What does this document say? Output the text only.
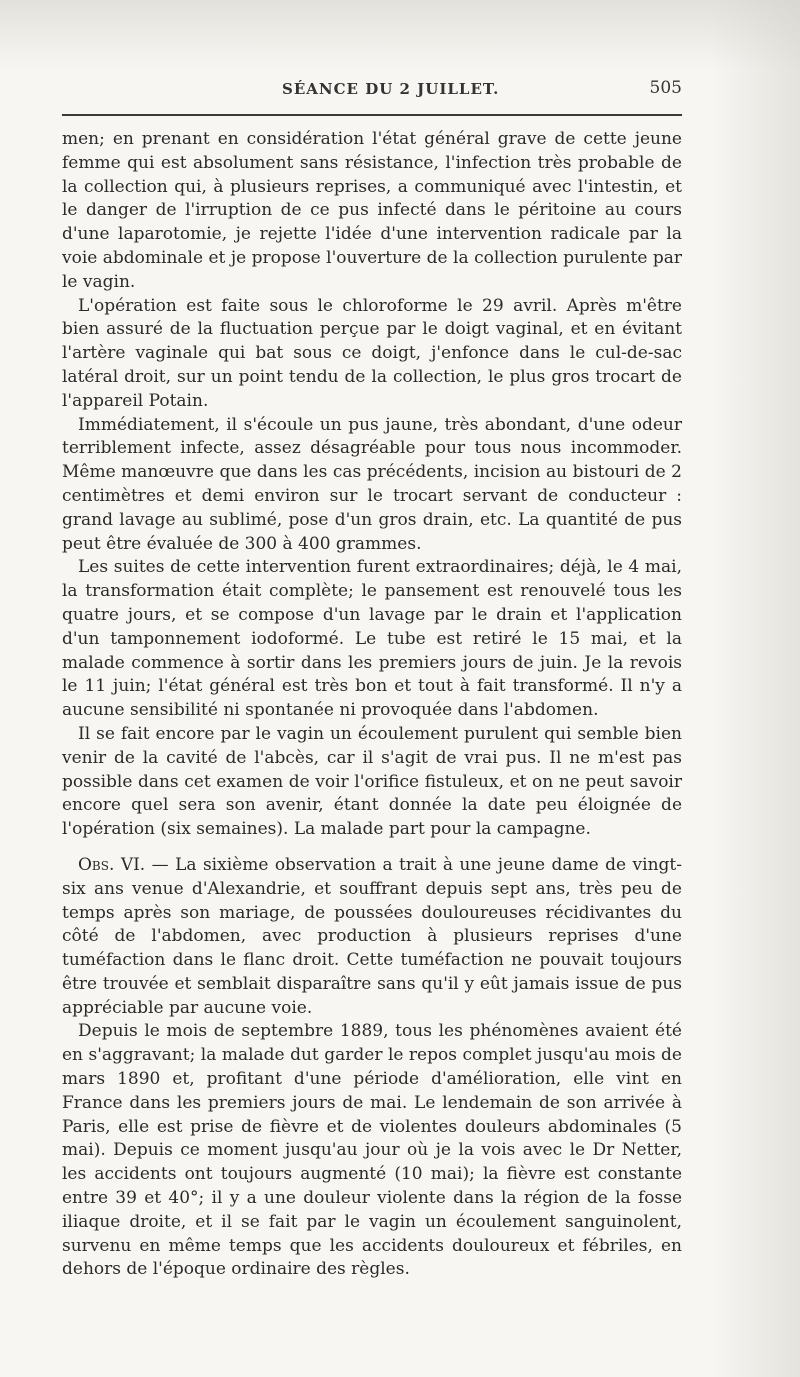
SÉANCE DU 2 JUILLET.	505

men; en prenant en considération l'état général grave de cette jeune femme qui est absolument sans résistance, l'infection très probable de la collection qui, à plusieurs reprises, a communiqué avec l'intestin, et le danger de l'irruption de ce pus infecté dans le péritoine au cours d'une laparotomie, je rejette l'idée d'une intervention radicale par la voie abdominale et je propose l'ouverture de la collection purulente par le vagin.

L'opération est faite sous le chloroforme le 29 avril. Après m'être bien assuré de la fluctuation perçue par le doigt vaginal, et en évitant l'artère vaginale qui bat sous ce doigt, j'enfonce dans le cul-de-sac latéral droit, sur un point tendu de la collection, le plus gros trocart de l'appareil Potain.

Immédiatement, il s'écoule un pus jaune, très abondant, d'une odeur terriblement infecte, assez désagréable pour tous nous incommoder. Même manœuvre que dans les cas précédents, incision au bistouri de 2 centimètres et demi environ sur le trocart servant de conducteur : grand lavage au sublimé, pose d'un gros drain, etc. La quantité de pus peut être évaluée de 300 à 400 grammes.

Les suites de cette intervention furent extraordinaires; déjà, le 4 mai, la transformation était complète; le pansement est renouvelé tous les quatre jours, et se compose d'un lavage par le drain et l'application d'un tamponnement iodoformé. Le tube est retiré le 15 mai, et la malade commence à sortir dans les premiers jours de juin. Je la revois le 11 juin; l'état général est très bon et tout à fait transformé. Il n'y a aucune sensibilité ni spontanée ni provoquée dans l'abdomen.

Il se fait encore par le vagin un écoulement purulent qui semble bien venir de la cavité de l'abcès, car il s'agit de vrai pus. Il ne m'est pas possible dans cet examen de voir l'orifice fistuleux, et on ne peut savoir encore quel sera son avenir, étant donnée la date peu éloignée de l'opération (six semaines). La malade part pour la campagne.

Obs. VI. — La sixième observation a trait à une jeune dame de vingt-six ans venue d'Alexandrie, et souffrant depuis sept ans, très peu de temps après son mariage, de poussées douloureuses récidivantes du côté de l'abdomen, avec production à plusieurs reprises d'une tuméfaction dans le flanc droit. Cette tuméfaction ne pouvait toujours être trouvée et semblait disparaître sans qu'il y eût jamais issue de pus appréciable par aucune voie.

Depuis le mois de septembre 1889, tous les phénomènes avaient été en s'aggravant; la malade dut garder le repos complet jusqu'au mois de mars 1890 et, profitant d'une période d'amélioration, elle vint en France dans les premiers jours de mai. Le lendemain de son arrivée à Paris, elle est prise de fièvre et de violentes douleurs abdominales (5 mai). Depuis ce moment jusqu'au jour où je la vois avec le Dr Netter, les accidents ont toujours augmenté (10 mai); la fièvre est constante entre 39 et 40°; il y a une douleur violente dans la région de la fosse iliaque droite, et il se fait par le vagin un écoulement sanguinolent, survenu en même temps que les accidents douloureux et fébriles, en dehors de l'époque ordinaire des règles.
